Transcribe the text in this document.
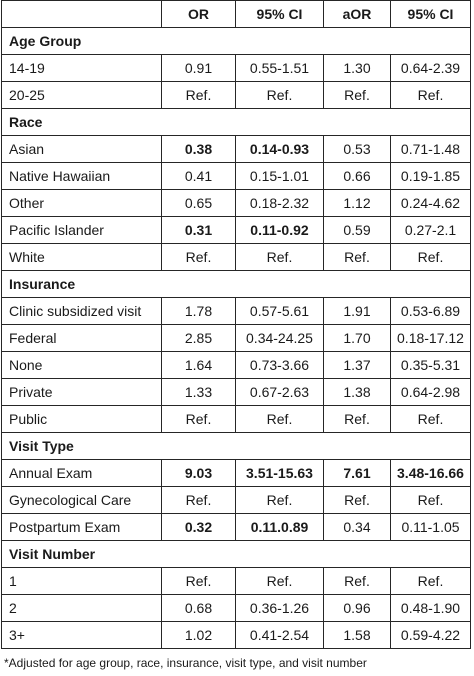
	OR	95% CI	aOR	95% CI
Age Group				
14-19	0.91	0.55-1.51	1.30	0.64-2.39
20-25	Ref.	Ref.	Ref.	Ref.
Race				
Asian	0.38	0.14-0.93	0.53	0.71-1.48
Native Hawaiian	0.41	0.15-1.01	0.66	0.19-1.85
Other	0.65	0.18-2.32	1.12	0.24-4.62
Pacific Islander	0.31	0.11-0.92	0.59	0.27-2.1
White	Ref.	Ref.	Ref.	Ref.
Insurance				
Clinic subsidized visit	1.78	0.57-5.61	1.91	0.53-6.89
Federal	2.85	0.34-24.25	1.70	0.18-17.12
None	1.64	0.73-3.66	1.37	0.35-5.31
Private	1.33	0.67-2.63	1.38	0.64-2.98
Public	Ref.	Ref.	Ref.	Ref.
Visit Type				
Annual Exam	9.03	3.51-15.63	7.61	3.48-16.66
Gynecological Care	Ref.	Ref.	Ref.	Ref.
Postpartum Exam	0.32	0.11.0.89	0.34	0.11-1.05
Visit Number				
1	Ref.	Ref.	Ref.	Ref.
2	0.68	0.36-1.26	0.96	0.48-1.90
3+	1.02	0.41-2.54	1.58	0.59-4.22
*Adjusted for age group, race, insurance, visit type, and visit number
